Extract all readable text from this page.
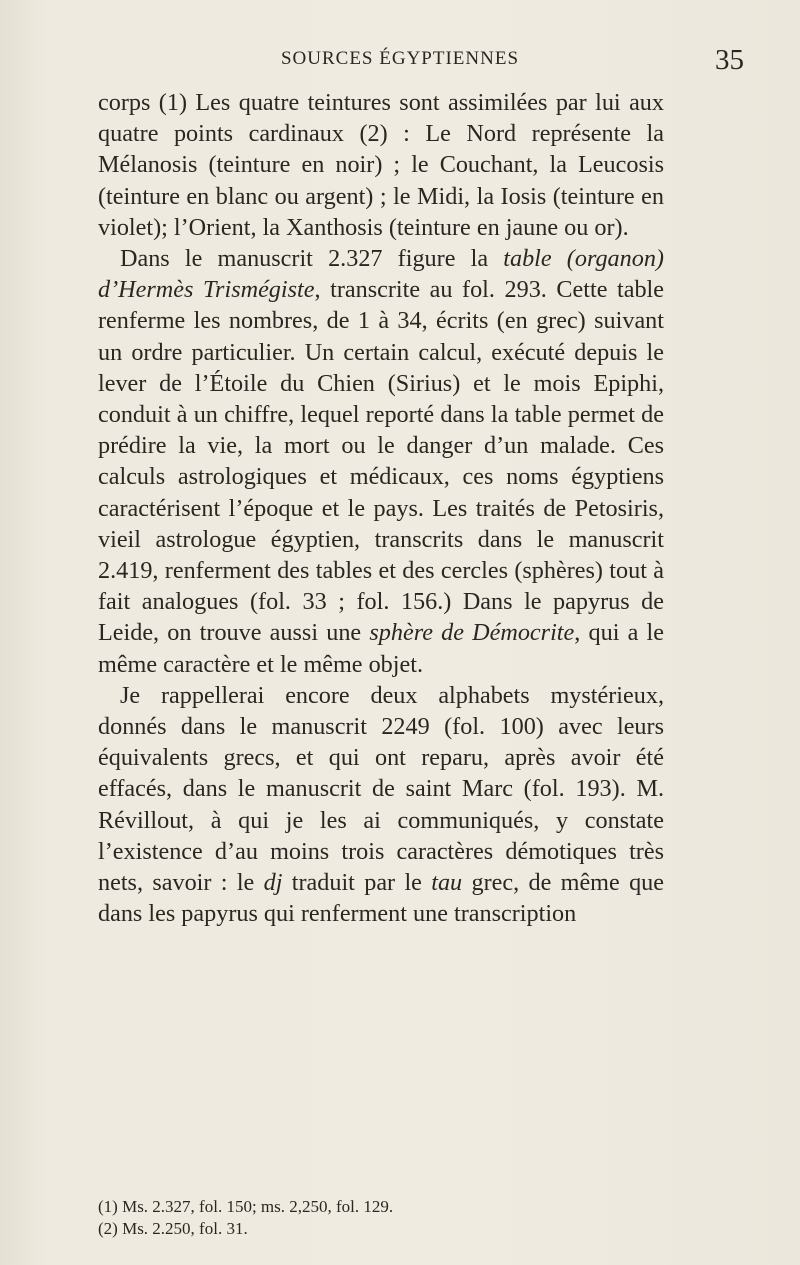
SOURCES ÉGYPTIENNES	35

corps (1) Les quatre teintures sont assimilées par lui aux quatre points cardinaux (2) : Le Nord représente la Mélanosis (teinture en noir) ; le Couchant, la Leucosis (teinture en blanc ou argent) ; le Midi, la Iosis (teinture en violet); l’Orient, la Xanthosis (teinture en jaune ou or).

Dans le manuscrit 2.327 figure la table (organon) d’Hermès Trismégiste, transcrite au fol. 293. Cette table renferme les nombres, de 1 à 34, écrits (en grec) suivant un ordre particulier. Un certain calcul, exécuté depuis le lever de l’Étoile du Chien (Sirius) et le mois Epiphi, conduit à un chiffre, lequel reporté dans la table permet de prédire la vie, la mort ou le danger d’un malade. Ces calculs astrologiques et médicaux, ces noms égyptiens caractérisent l’époque et le pays. Les traités de Petosiris, vieil astrologue égyptien, transcrits dans le manuscrit 2.419, renferment des tables et des cercles (sphères) tout à fait analogues (fol. 33 ; fol. 156.) Dans le papyrus de Leide, on trouve aussi une sphère de Démocrite, qui a le même caractère et le même objet.

Je rappellerai encore deux alphabets mystérieux, donnés dans le manuscrit 2249 (fol. 100) avec leurs équivalents grecs, et qui ont reparu, après avoir été effacés, dans le manuscrit de saint Marc (fol. 193). M. Révillout, à qui je les ai communiqués, y constate l’existence d’au moins trois caractères démotiques très nets, savoir : le dj traduit par le tau grec, de même que dans les papyrus qui renferment une transcription

(1) Ms. 2.327, fol. 150; ms. 2,250, fol. 129.
(2) Ms. 2.250, fol. 31.
